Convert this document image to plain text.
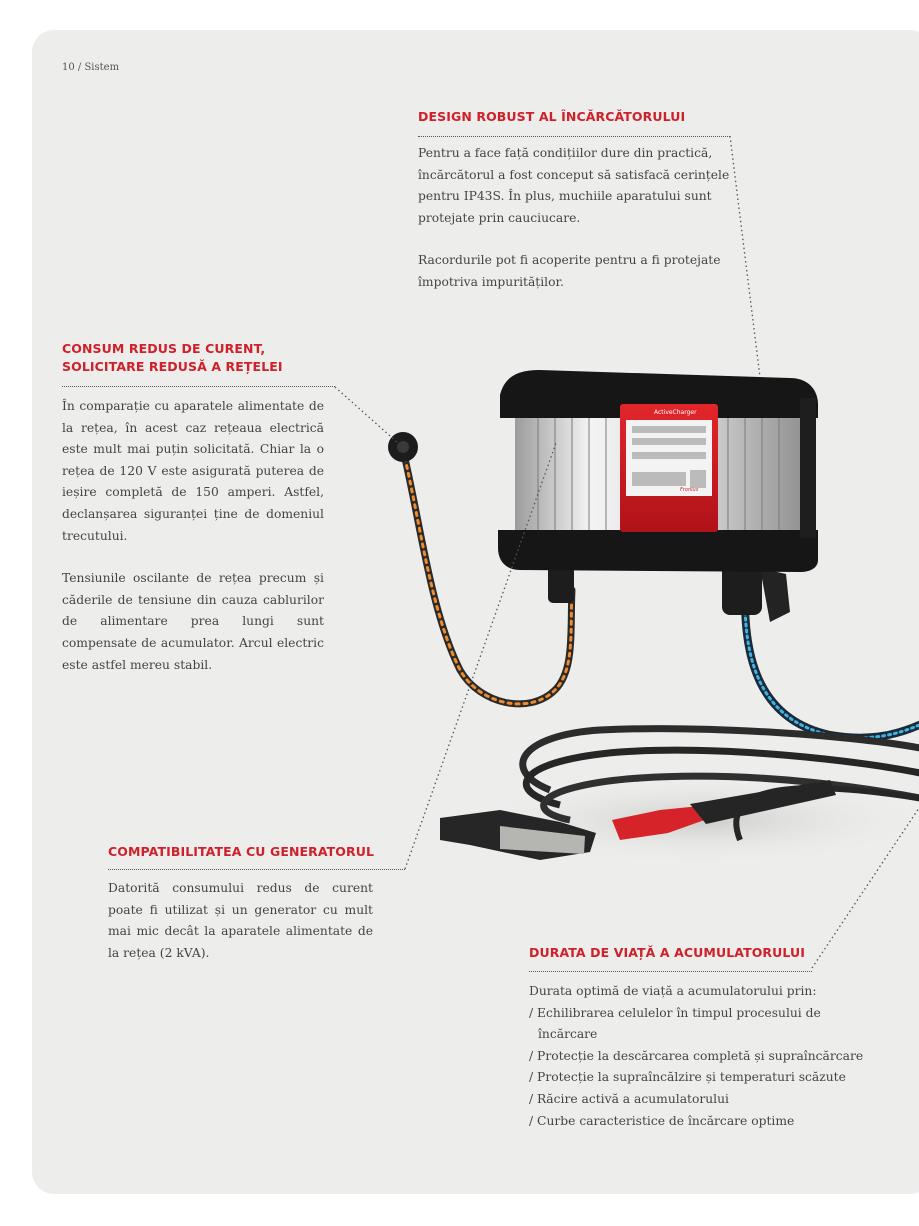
10 / Sistem
ActiveCharger
Fronius
DESIGN ROBUST AL ÎNCĂRCĂTORULUI

Pentru a face față condițiilor dure din practică, încărcătorul a fost conceput să satisfacă cerințele pentru IP43S. În plus, muchiile aparatului sunt protejate prin cauciucare.

Racordurile pot fi acoperite pentru a fi protejate împotriva impurităților.

CONSUM REDUS DE CURENT,
SOLICITARE REDUSĂ A REȚELEI

În comparație cu aparatele alimentate de la rețea, în acest caz rețeaua electrică este mult mai puțin solicitată. Chiar la o rețea de 120 V este asigurată puterea de ieșire completă de 150 amperi. Astfel, declanșarea siguranței ține de domeniul trecutului.

Tensiunile oscilante de rețea precum și căderile de tensiune din cauza cablurilor de alimentare prea lungi sunt compensate de acumulator. Arcul electric este astfel mereu stabil.

COMPATIBILITATEA CU GENERATORUL

Datorită consumului redus de curent poate fi utilizat și un generator cu mult mai mic decât la aparatele alimentate de la rețea (2 kVA).	DURATA DE VIAȚĂ A ACUMULATORULUI

Durata optimă de viață a acumulatorului prin:

/ Echilibrarea celulelor în timpul procesului de încărcare
/ Protecție la descărcarea completă și supraîncărcare
/ Protecție la supraîncălzire și temperaturi scăzute
/ Răcire activă a acumulatorului
/ Curbe caracteristice de încărcare optime
